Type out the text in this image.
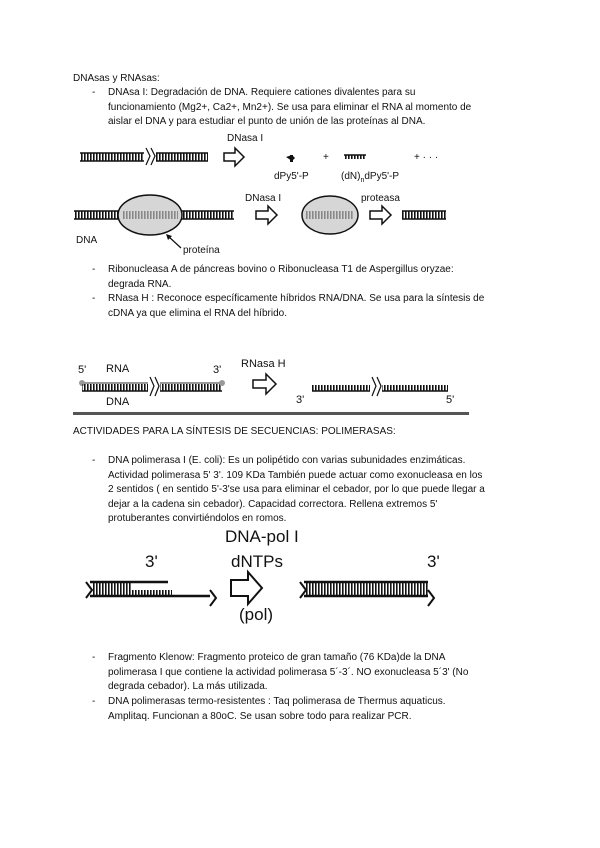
DNAsas y RNAsas:
- DNAsa I: Degradación de DNA. Requiere cationes divalentes para su
funcionamiento (Mg2+, Ca2+, Mn2+). Se usa para eliminar el RNA al momento de
aislar el DNA y para estudiar el punto de unión de las proteínas al DNA.
DNasa I
+	+ · · ·
dPy5'-P	$(dN)_ndPy5'-P$
DNasa I	proteasa
DNA
proteína
- Ribonucleasa A de páncreas bovino o Ribonucleasa T1 de Aspergillus oryzae:
degrada RNA.
- RNasa H : Reconoce específicamente híbridos RNA/DNA. Se usa para la síntesis de
cDNA ya que elimina el RNA del híbrido.
5' RNA	3'
DNA
RNasa H
3'	5'
ACTIVIDADES PARA LA SÍNTESIS DE SECUENCIAS: POLIMERASAS:
- DNA polimerasa I (E. coli): Es un polipétido con varias subunidades enzimáticas.
Actividad polimerasa 5' 3'. 109 KDa También puede actuar como exonucleasa en los
2 sentidos ( en sentido 5'-3'se usa para eliminar el cebador, por lo que puede llegar a
dejar a la cadena sin cebador). Capacidad correctora. Rellena extremos 5'
protuberantes convirtiéndolos en romos.
3'
DNA-pol I
dNTPs
(pol)
3'
- Fragmento Klenow: Fragmento proteico de gran tamaño (76 KDa)de la DNA
polimerasa I que contiene la actividad polimerasa 5´-3´. NO exonucleasa 5´3' (No
degrada cebador). La más utilizada.
- DNA polimerasas termo-resistentes : Taq polimerasa de Thermus aquaticus.
Amplitaq. Funcionan a 80oC. Se usan sobre todo para realizar PCR.
